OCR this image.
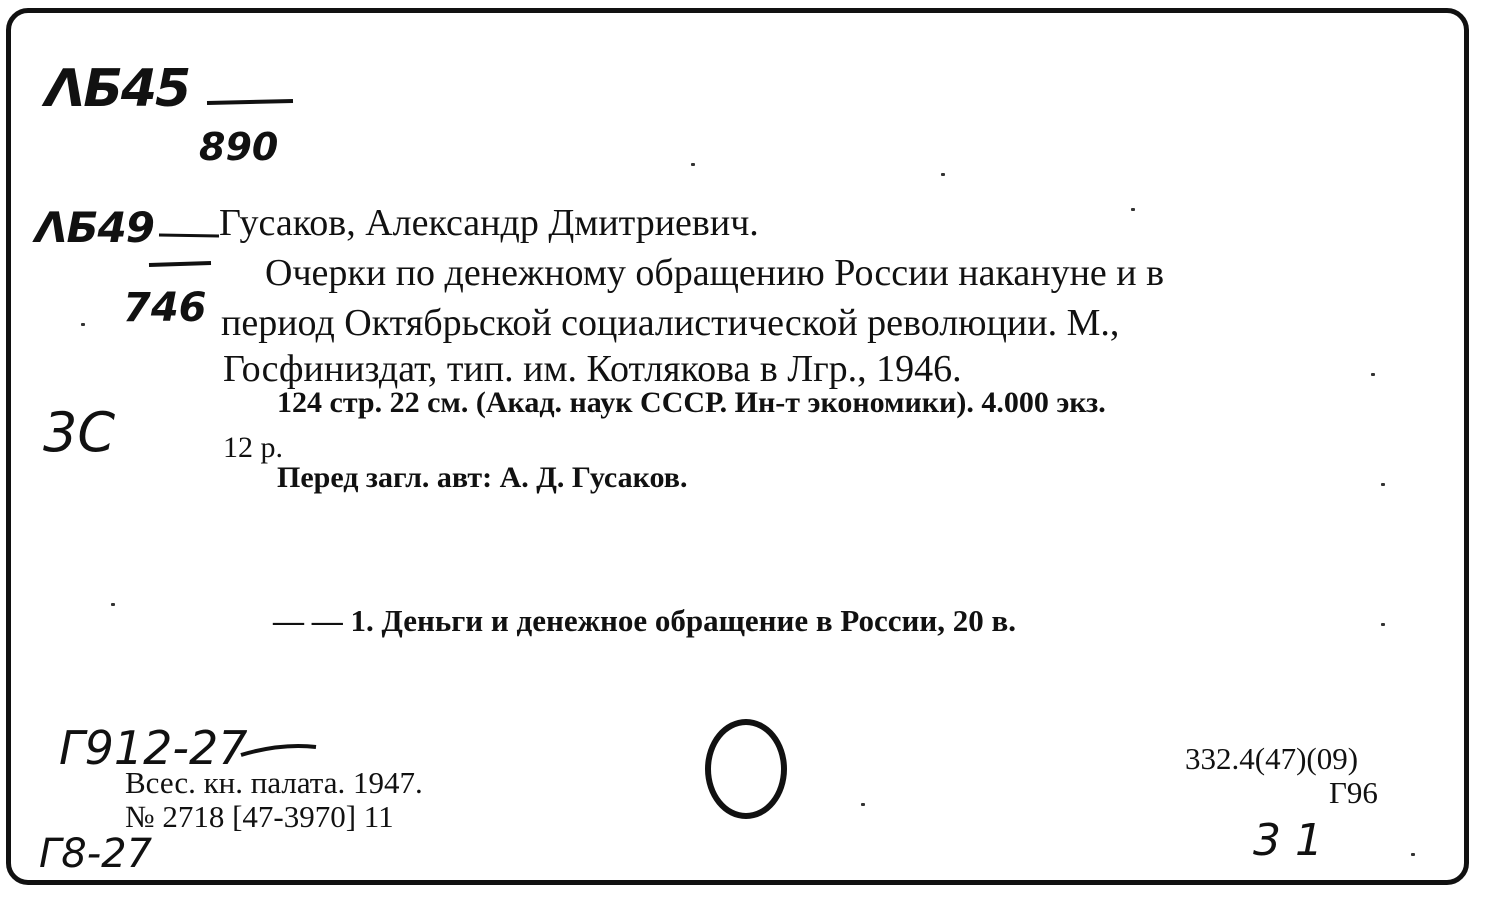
ΛБ45
890
ΛБ49
746
3С
Г912-27
Г8-27	31
Гусаков, Александр Дмитриевич.
Очерки по денежному обращению России накануне и в
период Октябрьской социалистической революции. М.,
Госфиниздат, тип. им. Котлякова в Лгр., 1946.
124 стр. 22 см. (Акад. наук СССР. Ин-т экономики). 4.000 экз.
12 р.
Перед загл. авт: А. Д. Гусаков.
— — 1. Деньги и денежное обращение в России, 20 в.
Всес. кн. палата. 1947.
№ 2718 [47-3970] 11
332.4(47)(09)
Г96
